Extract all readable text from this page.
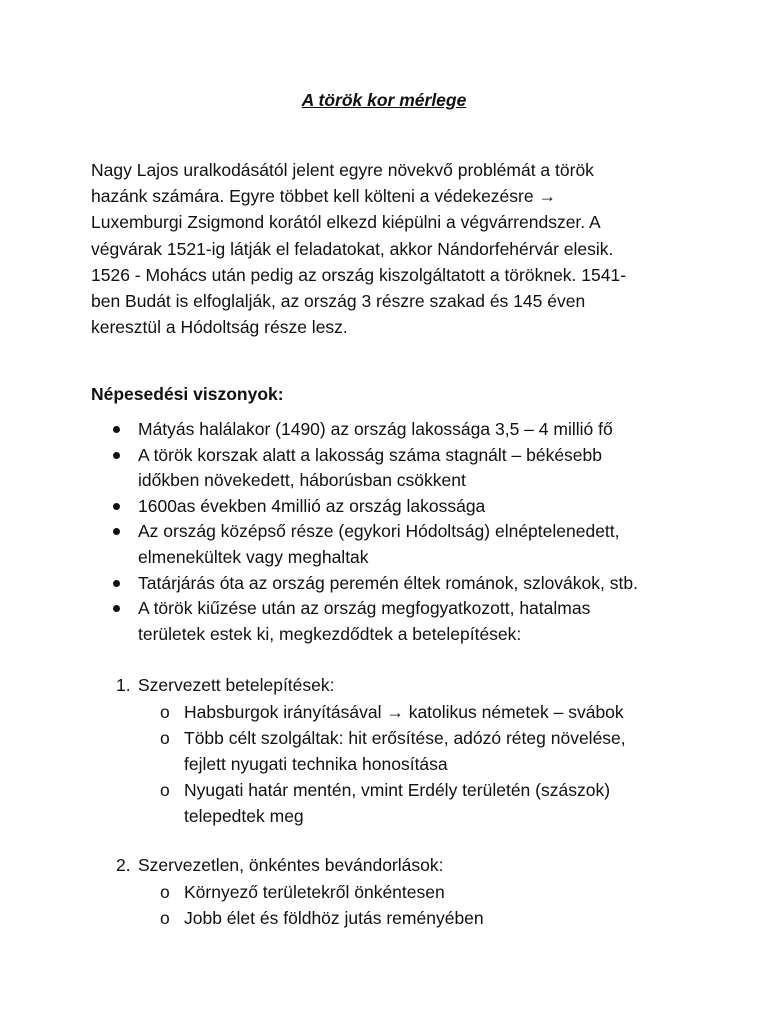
A török kor mérlege

Nagy Lajos uralkodásától jelent egyre növekvő problémát a török
hazánk számára. Egyre többet kell költeni a védekezésre →
Luxemburgi Zsigmond korától elkezd kiépülni a végvárrendszer. A
végvárak 1521-ig látják el feladatokat, akkor Nándorfehérvár elesik.
1526 - Mohács után pedig az ország kiszolgáltatott a töröknek. 1541-
ben Budát is elfoglalják, az ország 3 részre szakad és 145 éven
keresztül a Hódoltság része lesz.

Népesedési viszonyok:
Mátyás halálakor (1490) az ország lakossága 3,5 – 4 millió fő
A török korszak alatt a lakosság száma stagnált – békésebb
időkben növekedett, háborúsban csökkent
1600as években 4millió az ország lakossága
Az ország középső része (egykori Hódoltság) elnéptelenedett,
elmenekültek vagy meghaltak
Tatárjárás óta az ország peremén éltek románok, szlovákok, stb.
A török kiűzése után az ország megfogyatkozott, hatalmas
területek estek ki, megkezdődtek a betelepítések:
1. Szervezett betelepítések:
o Habsburgok irányításával → katolikus németek – svábok
o Több célt szolgáltak: hit erősítése, adózó réteg növelése,
fejlett nyugati technika honosítása
o Nyugati határ mentén, vmint Erdély területén (szászok)
telepedtek meg
2. Szervezetlen, önkéntes bevándorlások:
o Környező területekről önkéntesen
o Jobb élet és földhöz jutás reményében
